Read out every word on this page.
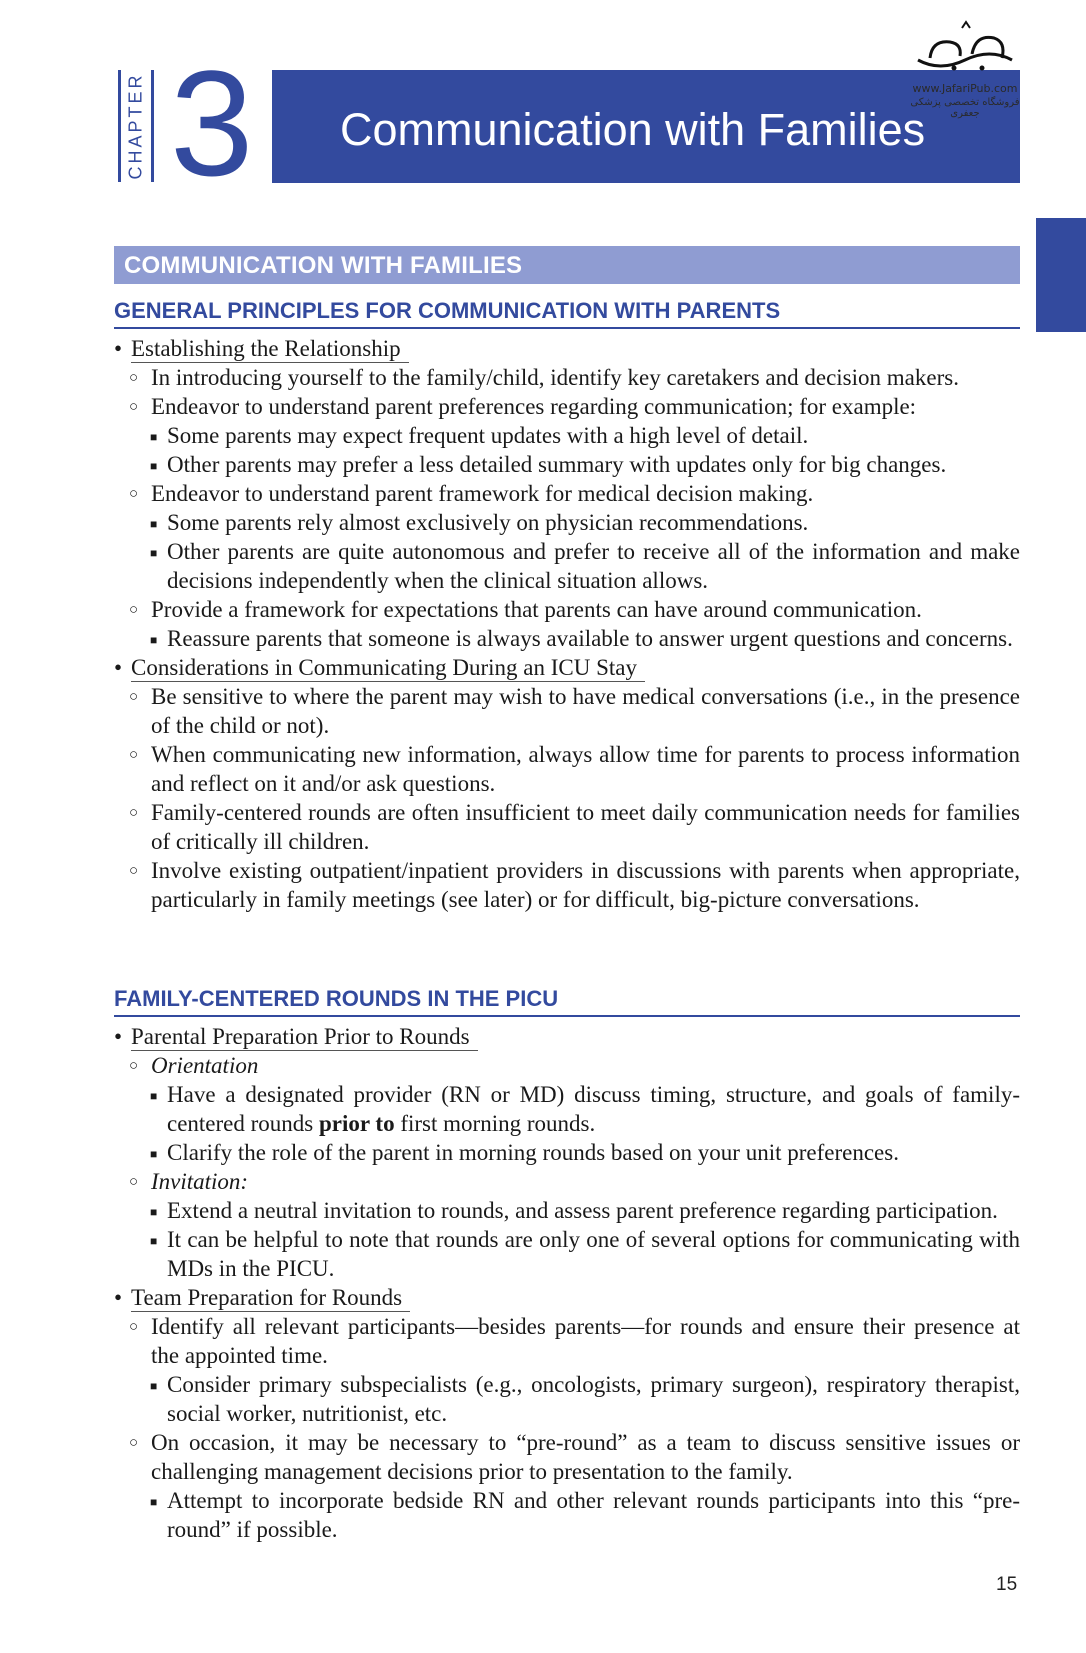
CHAPTER 3 Communication with Families
www.JafariPub.com
فروشگاه تخصصی پزشکی جعفری
COMMUNICATION WITH FAMILIES
GENERAL PRINCIPLES FOR COMMUNICATION WITH PARENTS

• Establishing the Relationship

○ In introducing yourself to the family/child, identify key caretakers and decision makers.

○ Endeavor to understand parent preferences regarding communication; for example:

■ Some parents may expect frequent updates with a high level of detail.

■ Other parents may prefer a less detailed summary with updates only for big changes.

○ Endeavor to understand parent framework for medical decision making.

■ Some parents rely almost exclusively on physician recommendations.

■ Other parents are quite autonomous and prefer to receive all of the information and make decisions independently when the clinical situation allows.

○ Provide a framework for expectations that parents can have around communication.

■ Reassure parents that someone is always available to answer urgent questions and concerns.

• Considerations in Communicating During an ICU Stay

○ Be sensitive to where the parent may wish to have medical conversations (i.e., in the presence of the child or not).

○ When communicating new information, always allow time for parents to process information and reflect on it and/or ask questions.

○ Family-centered rounds are often insufficient to meet daily communication needs for families of critically ill children.

○ Involve existing outpatient/inpatient providers in discussions with parents when appropriate, particularly in family meetings (see later) or for difficult, big-picture conversations.

FAMILY-CENTERED ROUNDS IN THE PICU

• Parental Preparation Prior to Rounds

○ Orientation

■ Have a designated provider (RN or MD) discuss timing, structure, and goals of family-centered rounds prior to first morning rounds.

■ Clarify the role of the parent in morning rounds based on your unit preferences.

○ Invitation:

■ Extend a neutral invitation to rounds, and assess parent preference regarding participation.

■ It can be helpful to note that rounds are only one of several options for communicating with MDs in the PICU.

• Team Preparation for Rounds

○ Identify all relevant participants—besides parents—for rounds and ensure their presence at the appointed time.

■ Consider primary subspecialists (e.g., oncologists, primary surgeon), respiratory therapist, social worker, nutritionist, etc.

○ On occasion, it may be necessary to “pre-round” as a team to discuss sensitive issues or challenging management decisions prior to presentation to the family.

■ Attempt to incorporate bedside RN and other relevant rounds participants into this “pre-round” if possible.

15
